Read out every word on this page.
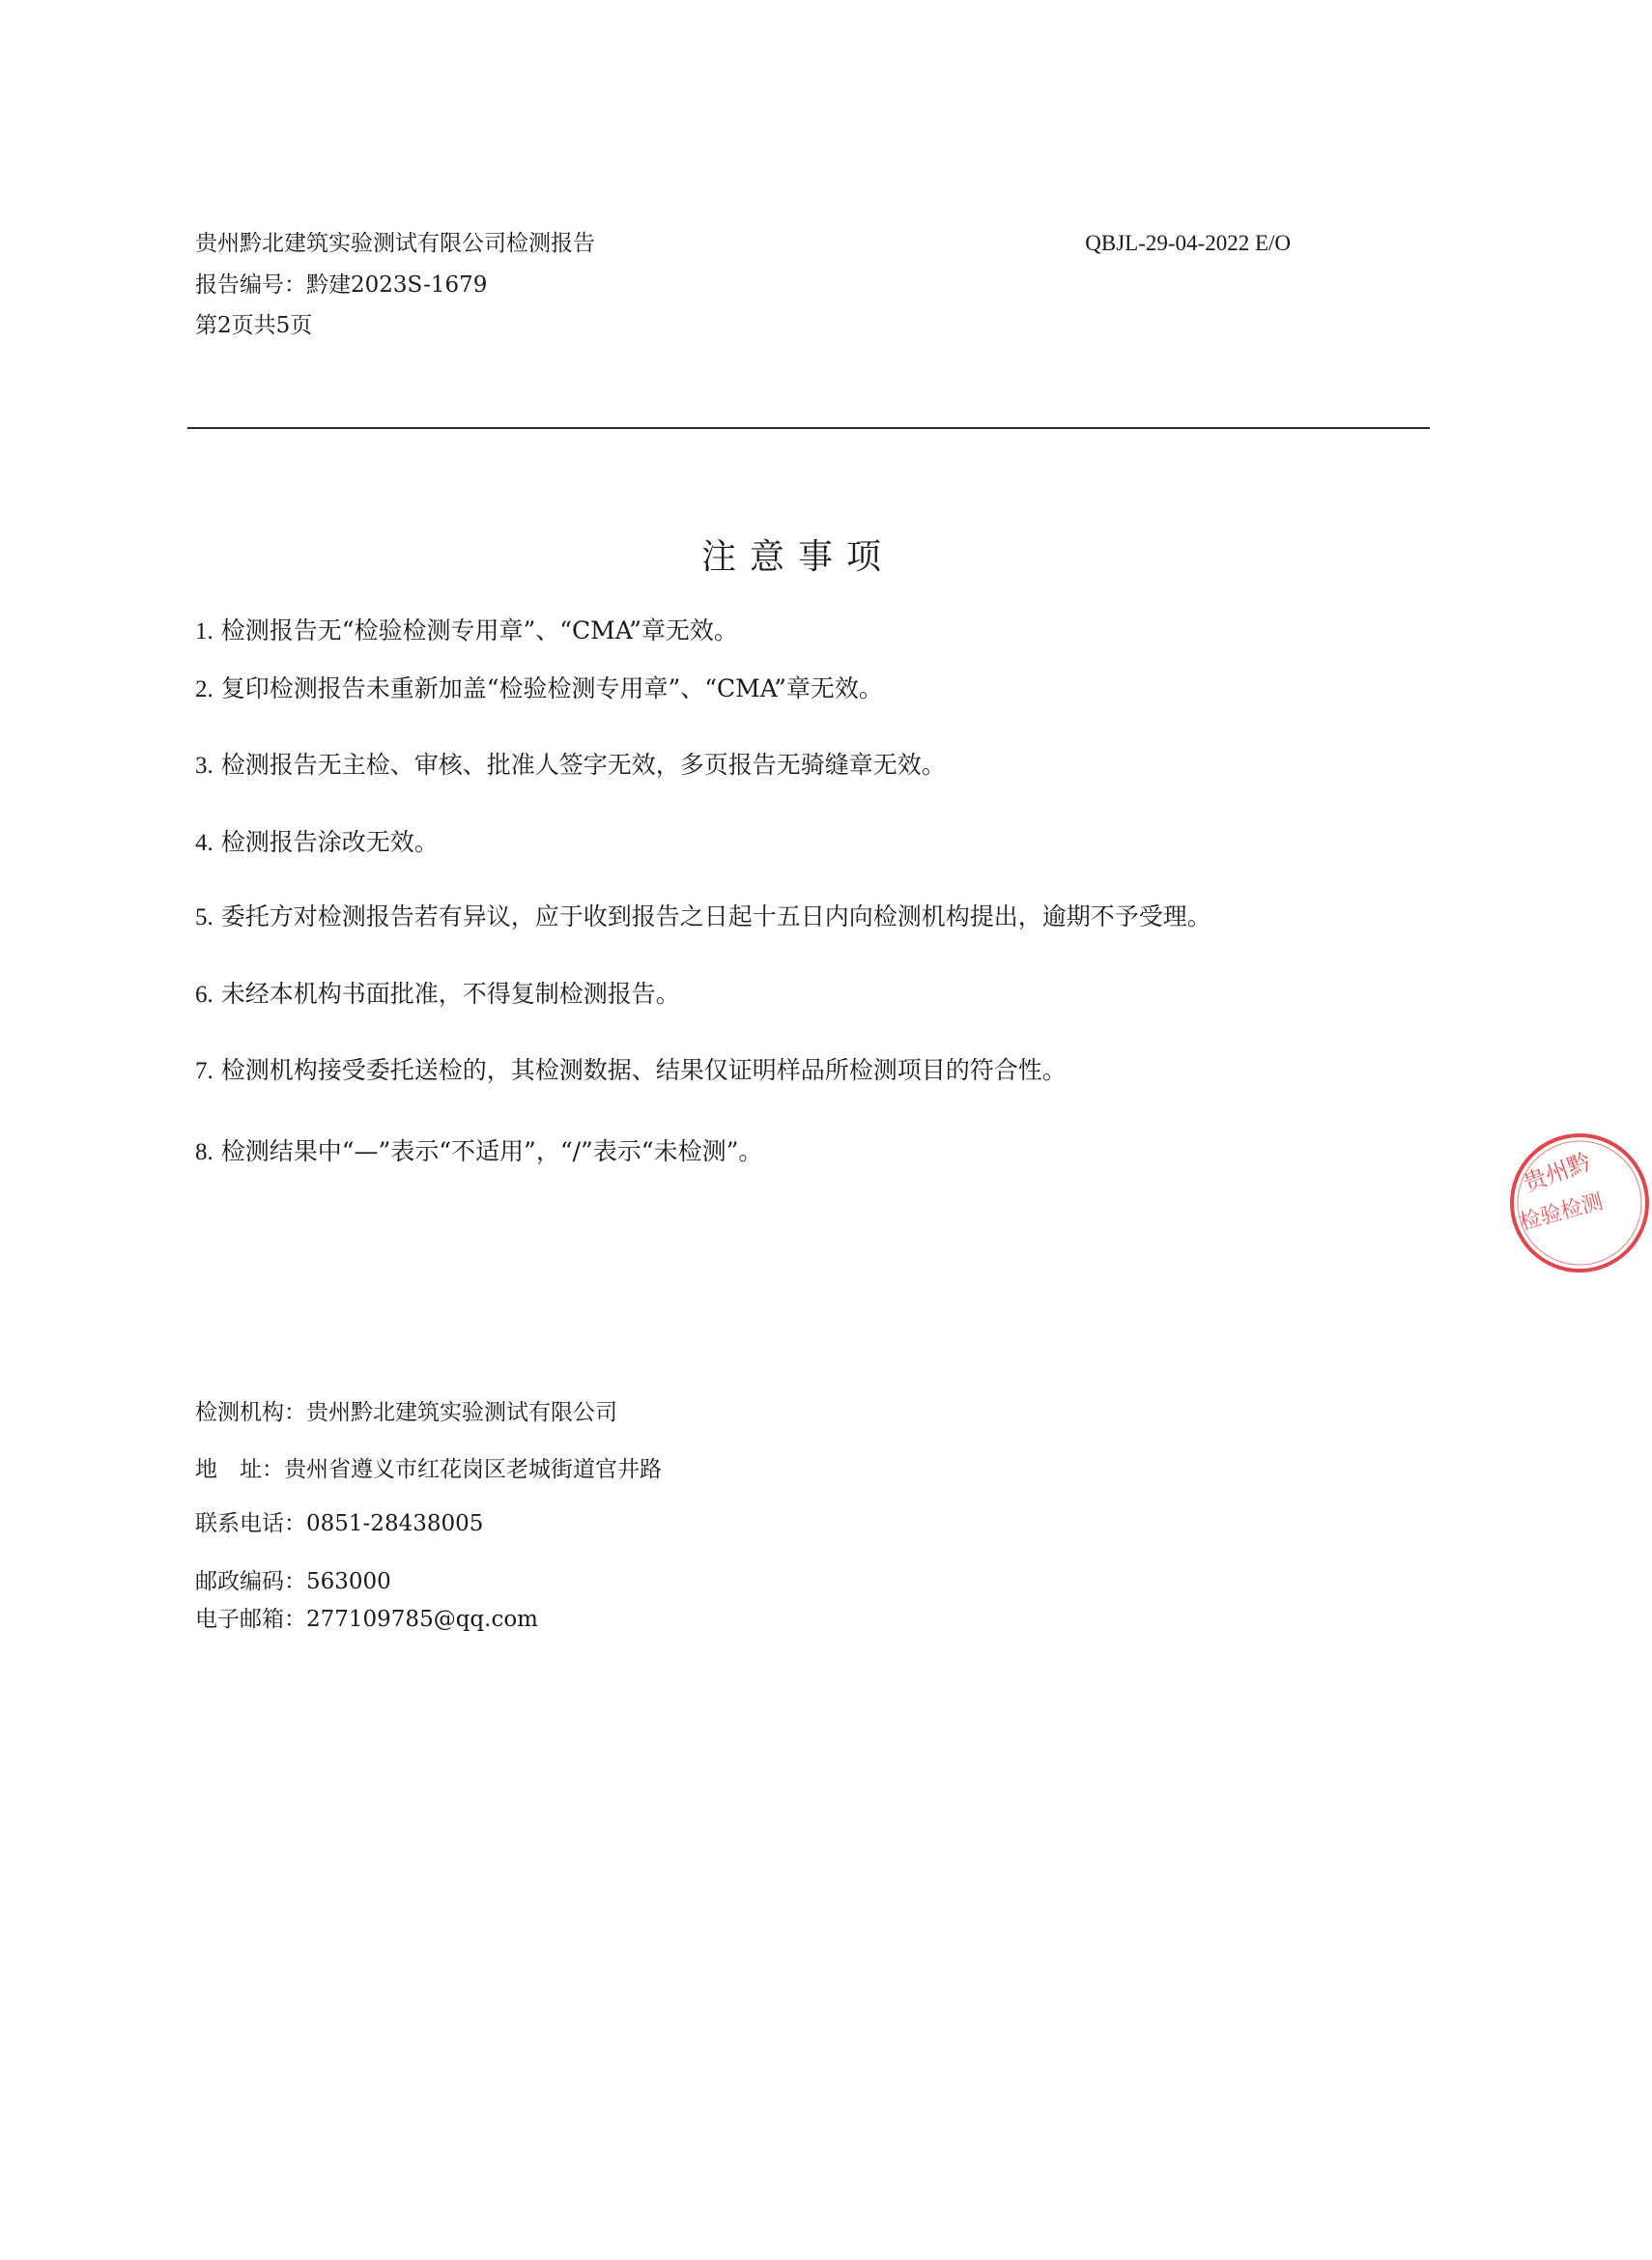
贵州黔北建筑实验测试有限公司检测报告
报告编号：黔建2023S-1679
第2页共5页
QBJL-29-04-2022 E/O
注意事项
1. 检测报告无“检验检测专用章”、“CMA”章无效。
2. 复印检测报告未重新加盖“检验检测专用章”、“CMA”章无效。
3. 检测报告无主检、审核、批准人签字无效，多页报告无骑缝章无效。
4. 检测报告涂改无效。
5. 委托方对检测报告若有异议，应于收到报告之日起十五日内向检测机构提出，逾期不予受理。
6. 未经本机构书面批准，不得复制检测报告。
7. 检测机构接受委托送检的，其检测数据、结果仅证明样品所检测项目的符合性。
8. 检测结果中“—”表示“不适用”，“/”表示“未检测”。
检测机构：贵州黔北建筑实验测试有限公司
地　址：贵州省遵义市红花岗区老城街道官井路
联系电话：0851-28438005
邮政编码：563000
电子邮箱：277109785@qq.com
贵州黔
检验检测
